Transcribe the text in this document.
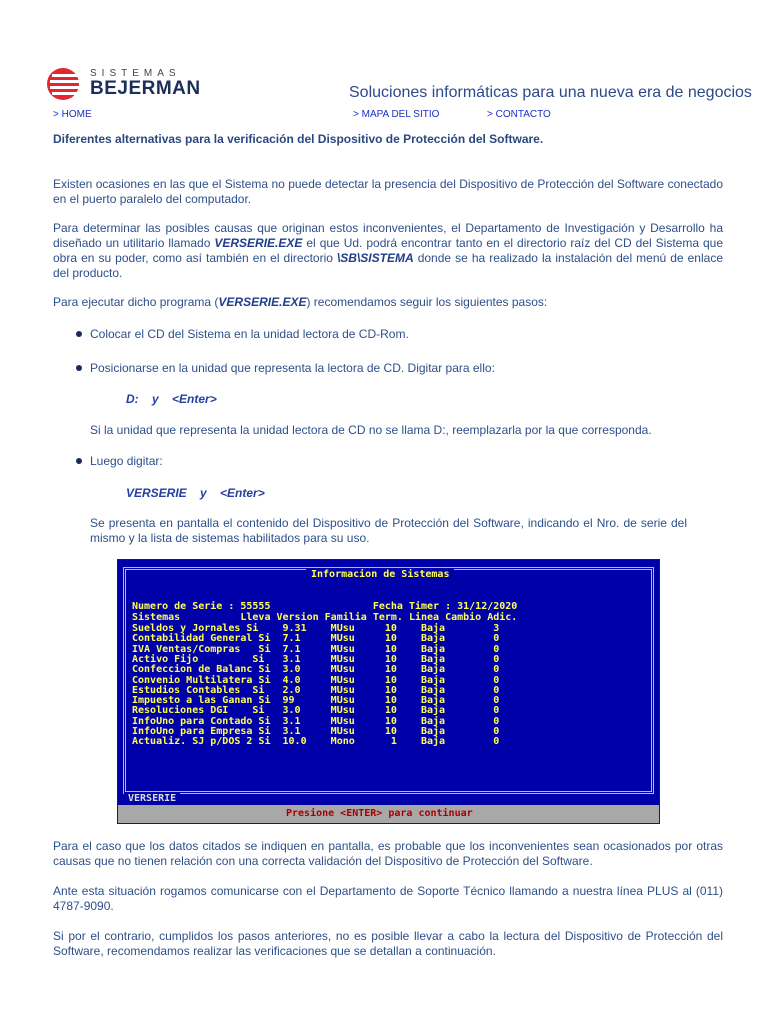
SISTEMAS
BEJERMAN	Soluciones informáticas para una nueva era de negocios
> HOME	> MAPA DEL SITIO	> CONTACTO
Diferentes alternativas para la verificación del Dispositivo de Protección del Software.
Existen ocasiones en las que el Sistema no puede detectar la presencia del Dispositivo de Protección del Software conectado en el puerto paralelo del computador.
Para determinar las posibles causas que originan estos inconvenientes, el Departamento de Investigación y Desarrollo ha diseñado un utilitario llamado VERSERIE.EXE el que Ud. podrá encontrar tanto en el directorio raíz del CD del Sistema que obra en su poder, como así también en el directorio \SB\SISTEMA donde se ha realizado la instalación del menú de enlace del producto.
Para ejecutar dicho programa (VERSERIE.EXE) recomendamos seguir los siguientes pasos:
Colocar el CD del Sistema en la unidad lectora de CD-Rom.
Posicionarse en la unidad que representa la lectora de CD. Digitar para ello:
D:    y    <Enter>
Si la unidad que representa la unidad lectora de CD no se llama D:, reemplazarla por la que corresponda.
Luego digitar:
VERSERIE    y    <Enter>
Se presenta en pantalla el contenido del Dispositivo de Protección del Software, indicando el Nro. de serie del mismo y la lista de sistemas habilitados para su uso.
Informacion de Sistemas
Numero de Serie : 55555                 Fecha Timer : 31/12/2020
Sistemas          Lleva Version Familia Term. Linea Cambio Adic.
Sueldos y Jornales Si    9.31    MUsu     10    Baja        3
Contabilidad General Si  7.1     MUsu     10    Baja        0
IVA Ventas/Compras   Si  7.1     MUsu     10    Baja        0
Activo Fijo         Si   3.1     MUsu     10    Baja        0
Confeccion de Balanc Si  3.0     MUsu     10    Baja        0
Convenio Multilatera Si  4.0     MUsu     10    Baja        0
Estudios Contables  Si   2.0     MUsu     10    Baja        0
Impuesto a las Ganan Si  99      MUsu     10    Baja        0
Resoluciones DGI    Si   3.0     MUsu     10    Baja        0
InfoUno para Contado Si  3.1     MUsu     10    Baja        0
InfoUno para Empresa Si  3.1     MUsu     10    Baja        0
Actualiz. SJ p/DOS 2 Si  10.0    Mono      1    Baja        0
VERSERIE
Presione <ENTER> para continuar
Para el caso que los datos citados se indiquen en pantalla, es probable que los inconvenientes sean ocasionados por otras causas que no tienen relación con una correcta validación del Dispositivo de Protección del Software.
Ante esta situación rogamos comunicarse con el Departamento de Soporte Técnico llamando a nuestra línea PLUS al (011) 4787-9090.
Si por el contrario, cumplidos los pasos anteriores, no es posible llevar a cabo la lectura del Dispositivo de Protección del Software, recomendamos realizar las verificaciones que se detallan a continuación.
